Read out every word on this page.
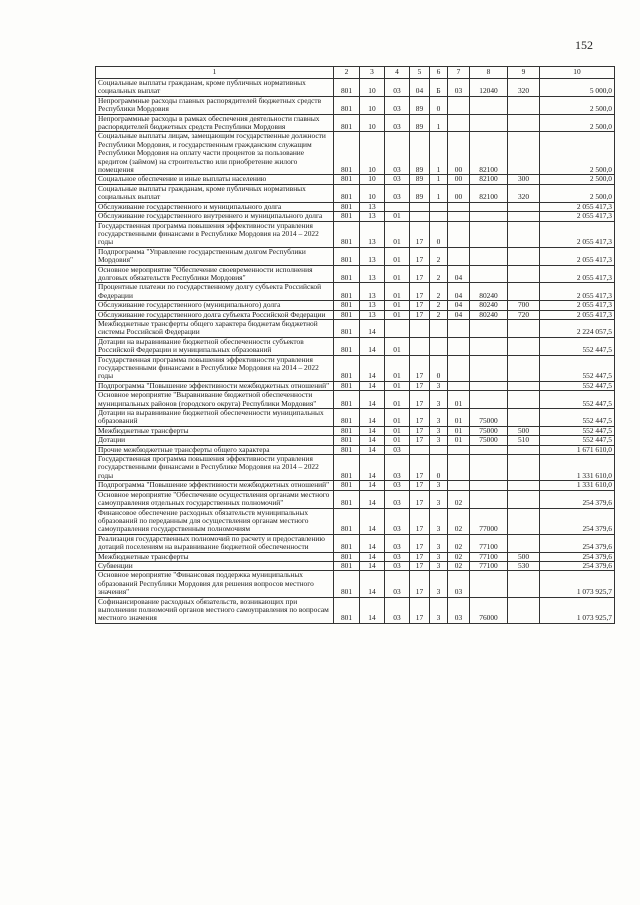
152
1	2	3	4	5	6	7	8	9	10
Социальные выплаты гражданам, кроме публичных нормативных социальных выплат	801	10	03	04	Б	03	12040	320	5 000,0
Непрограммные расходы главных распорядителей бюджетных средств Республики Мордовия	801	10	03	89	0				2 500,0
Непрограммные расходы в рамках обеспечения деятельности главных распорядителей бюджетных средств Республики Мордовия	801	10	03	89	1				2 500,0
Социальные выплаты лицам, замещающим государственные должности Республики Мордовия, и государственным гражданским служащим Республики Мордовия на оплату части процентов за пользование кредитом (займом) на строительство или приобретение жилого помещения	801	10	03	89	1	00	82100		2 500,0
Социальное обеспечение и иные выплаты населению	801	10	03	89	1	00	82100	300	2 500,0
Социальные выплаты гражданам, кроме публичных нормативных социальных выплат	801	10	03	89	1	00	82100	320	2 500,0
Обслуживание государственного и муниципального долга	801	13							2 055 417,3
Обслуживание государственного внутреннего и муниципального долга	801	13	01						2 055 417,3
Государственная программа повышения эффективности управления государственными финансами в Республике Мордовия на 2014 – 2022 годы	801	13	01	17	0				2 055 417,3
Подпрограмма "Управление государственным долгом Республики Мордовия"	801	13	01	17	2				2 055 417,3
Основное мероприятие "Обеспечение своевременности исполнения долговых обязательств Республики Мордовия"	801	13	01	17	2	04			2 055 417,3
Процентные платежи по государственному долгу субъекта Российской Федерации	801	13	01	17	2	04	80240		2 055 417,3
Обслуживание государственного (муниципального) долга	801	13	01	17	2	04	80240	700	2 055 417,3
Обслуживание государственного долга субъекта Российской Федерации	801	13	01	17	2	04	80240	720	2 055 417,3
Межбюджетные трансферты общего характера бюджетам бюджетной системы Российской Федерации	801	14							2 224 057,5
Дотации на выравнивание бюджетной обеспеченности субъектов Российской Федерации и муниципальных образований	801	14	01						552 447,5
Государственная программа повышения эффективности управления государственными финансами в Республике Мордовия на 2014 – 2022 годы	801	14	01	17	0				552 447,5
Подпрограмма "Повышение эффективности межбюджетных отношений"	801	14	01	17	3				552 447,5
Основное мероприятие "Выравнивание бюджетной обеспеченности муниципальных районов (городского округа) Республики Мордовия"	801	14	01	17	3	01			552 447,5
Дотации на выравнивание бюджетной обеспеченности муниципальных образований	801	14	01	17	3	01	75000		552 447,5
Межбюджетные трансферты	801	14	01	17	3	01	75000	500	552 447,5
Дотации	801	14	01	17	3	01	75000	510	552 447,5
Прочие межбюджетные трансферты общего характера	801	14	03						1 671 610,0
Государственная программа повышения эффективности управления государственными финансами в Республике Мордовия на 2014 – 2022 годы	801	14	03	17	0				1 331 610,0
Подпрограмма "Повышение эффективности межбюджетных отношений"	801	14	03	17	3				1 331 610,0
Основное мероприятие "Обеспечение осуществления органами местного самоуправления отдельных государственных полномочий"	801	14	03	17	3	02			254 379,6
Финансовое обеспечение расходных обязательств муниципальных образований по переданным для осуществления органам местного самоуправления государственным полномочиям	801	14	03	17	3	02	77000		254 379,6
Реализация государственных полномочий по расчету и предоставлению дотаций поселениям на выравнивание бюджетной обеспеченности	801	14	03	17	3	02	77100		254 379,6
Межбюджетные трансферты	801	14	03	17	3	02	77100	500	254 379,6
Субвенции	801	14	03	17	3	02	77100	530	254 379,6
Основное мероприятие "Финансовая поддержка муниципальных образований Республики Мордовия для решения вопросов местного значения"	801	14	03	17	3	03			1 073 925,7
Софинансирование расходных обязательств, возникающих при выполнении полномочий органов местного самоуправления по вопросам местного значения	801	14	03	17	3	03	76000		1 073 925,7
